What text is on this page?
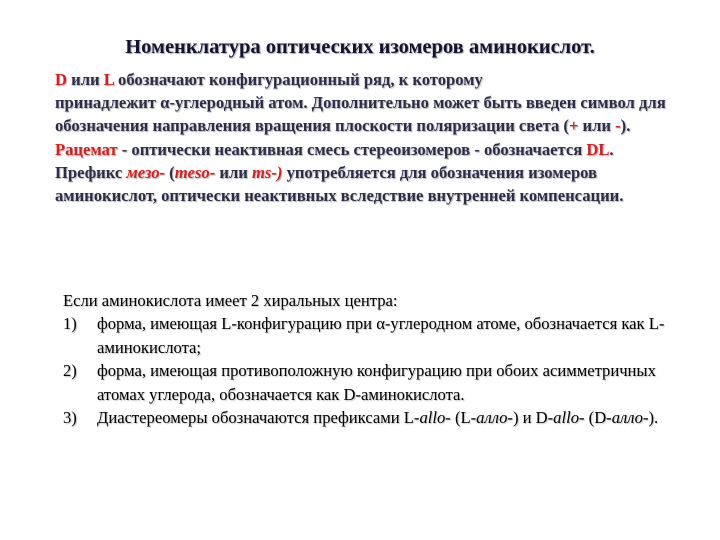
Номенклатура оптических изомеров аминокислот.

D или L обозначают конфигурационный ряд, к которому
принадлежит α-углеродный атом. Дополнительно может быть введен символ для обозначения направления вращения плоскости поляризации света (+ или -).

Рацемат - оптически неактивная смесь стереоизомеров - обозначается DL.

Префикс мезо- (meso- или ms-) употребляется для обозначения изомеров аминокислот, оптически неактивных вследствие внутренней компенсации.

Если аминокислота имеет 2 хиральных центра:

1) форма, имеющая L-конфигурацию при α-углеродном атоме, обозначается как L-аминокислота;
2) форма, имеющая противоположную конфигурацию при обоих асимметричных атомах углерода, обозначается как D-аминокислота.
3) Диастереомеры обозначаются префиксами L-allo- (L-алло-) и D-allo- (D-алло-).
